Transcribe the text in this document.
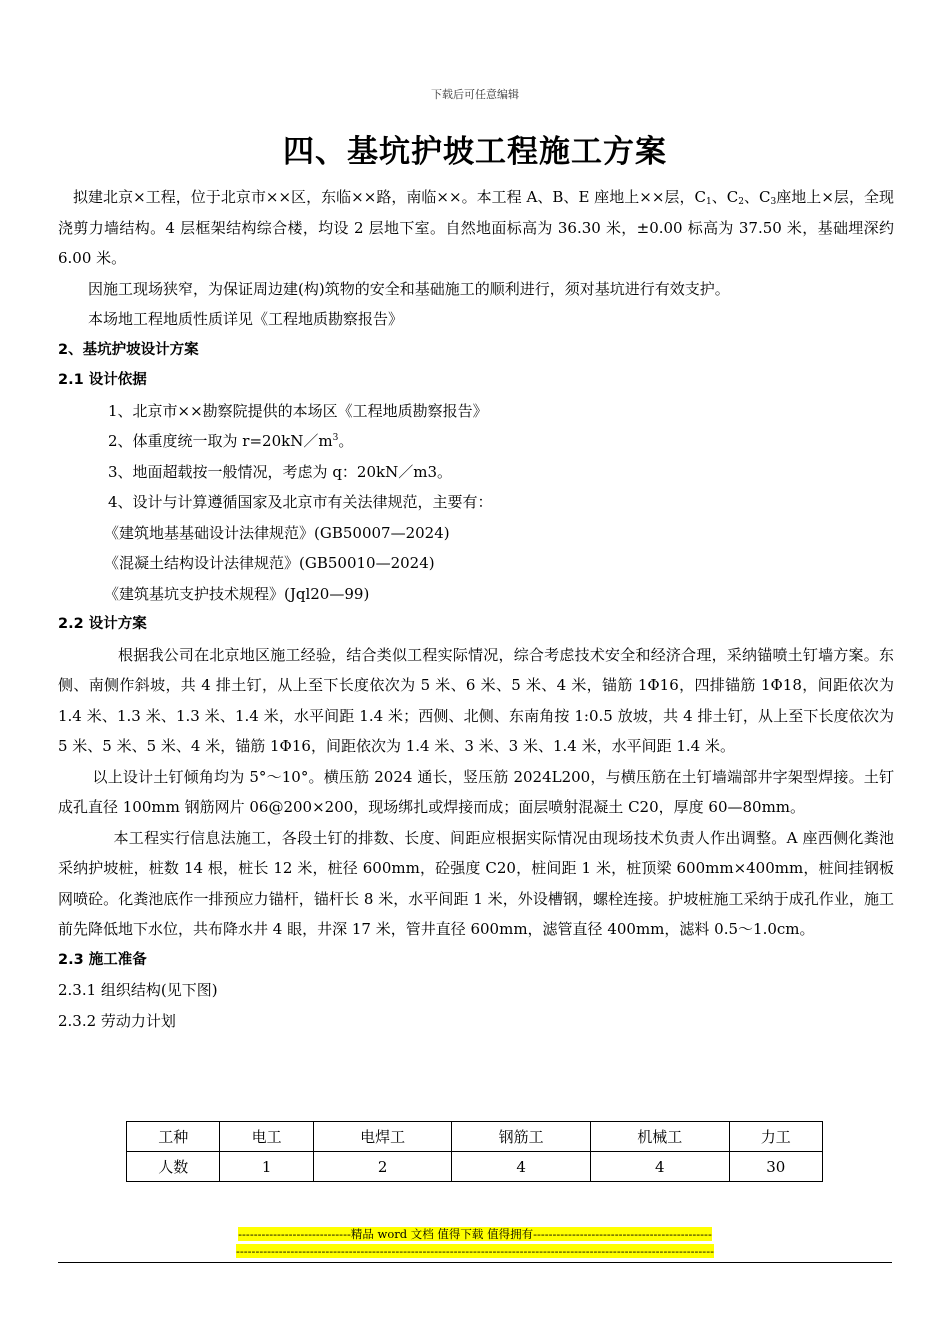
下载后可任意编辑
四、基坑护坡工程施工方案

拟建北京×工程，位于北京市××区，东临××路，南临××。本工程 A、B、E 座地上××层，$C_1$、$C_2$、$C_3$座地上×层，全现浇剪力墙结构。4 层框架结构综合楼，均设 2 层地下室。自然地面标高为 36.30 米，±0.00 标高为 37.50 米，基础埋深约 6.00 米。

因施工现场狭窄，为保证周边建(构)筑物的安全和基础施工的顺利进行，须对基坑进行有效支护。

本场地工程地质性质详见《工程地质勘察报告》

2、基坑护坡设计方案

2.1 设计依据

1、北京市××勘察院提供的本场区《工程地质勘察报告》

2、体重度统一取为 $r=20kN/m^3$。

3、地面超载按一般情况，考虑为 q：20kN／m3。

4、设计与计算遵循国家及北京市有关法律规范，主要有：

《建筑地基基础设计法律规范》(GB50007—2024)

《混凝土结构设计法律规范》(GB50010—2024)

《建筑基坑支护技术规程》(Jql20—99)

2.2 设计方案

根据我公司在北京地区施工经验，结合类似工程实际情况，综合考虑技术安全和经济合理，采纳锚喷土钉墙方案。东侧、南侧作斜坡，共 4 排土钉，从上至下长度依次为 5 米、6 米、5 米、4 米，锚筋 1Φ16，四排锚筋 1Φ18，间距依次为 1.4 米、1.3 米、1.3 米、1.4 米，水平间距 1.4 米；西侧、北侧、东南角按 1:0.5 放坡，共 4 排土钉，从上至下长度依次为 5 米、5 米、5 米、4 米，锚筋 1Φ16，间距依次为 1.4 米、3 米、3 米、1.4 米，水平间距 1.4 米。

以上设计土钉倾角均为 5°～10°。横压筋 2024 通长，竖压筋 2024L200，与横压筋在土钉墙端部井字架型焊接。土钉成孔直径 100mm 钢筋网片 06@200×200，现场绑扎或焊接而成；面层喷射混凝土 C20，厚度 60—80mm。

本工程实行信息法施工，各段土钉的排数、长度、间距应根据实际情况由现场技术负责人作出调整。A 座西侧化粪池采纳护坡桩，桩数 14 根，桩长 12 米，桩径 600mm，砼强度 C20，桩间距 1 米，桩顶梁 600mm×400mm，桩间挂钢板网喷砼。化粪池底作一排预应力锚杆，锚杆长 8 米，水平间距 1 米，外设槽钢，螺栓连接。护坡桩施工采纳于成孔作业，施工前先降低地下水位，共布降水井 4 眼，井深 17 米，管井直径 600mm，滤管直径 400mm，滤料 0.5～1.0cm。

2.3 施工准备

2.3.1 组织结构(见下图)

2.3.2 劳动力计划

工种	电工	电焊工	钢筋工	机械工	力工
人数	1	2	4	4	30
-----------------------------精品 word 文档 值得下载 值得拥有----------------------------------------------
---------------------------------------------------------------------------------------------------------------------------
